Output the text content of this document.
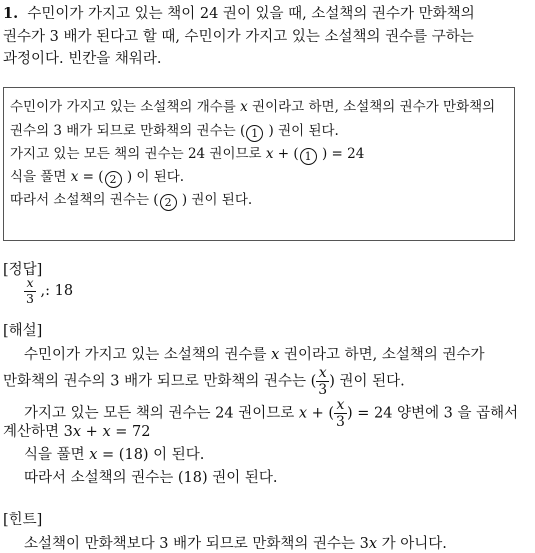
1. 수민이가 가지고 있는 책이 24 권이 있을 때, 소설책의 권수가 만화책의
권수가 3 배가 된다고 할 때, 수민이가 가지고 있는 소설책의 권수를 구하는
과정이다. 빈칸을 채워라.
수민이가 가지고 있는 소설책의 개수를 x 권이라고 하면, 소설책의 권수가 만화책의
권수의 3 배가 되므로 만화책의 권수는 ( 1 ) 권이 된다.
가지고 있는 모든 책의 권수는 24 권이므로 x + ( 1 ) = 24
식을 풀면 x = ( 2 ) 이 된다.
따라서 소설책의 권수는 ( 2 ) 권이 된다.
[정답]
$\frac{x}{3}$ ,: 18
[해설]
수민이가 가지고 있는 소설책의 권수를 x 권이라고 하면, 소설책의 권수가
만화책의 권수의 3 배가 되므로 만화책의 권수는 ( $\frac{x}{3}$ ) 권이 된다.
가지고 있는 모든 책의 권수는 24 권이므로 x + ( $\frac{x}{3}$ ) = 24 양변에 3 을 곱해서
계산하면 3x + x = 72
식을 풀면 x = (18) 이 된다.
따라서 소설책의 권수는 (18) 권이 된다.
[힌트]
소설책이 만화책보다 3 배가 되므로 만화책의 권수는 3x 가 아니다.
